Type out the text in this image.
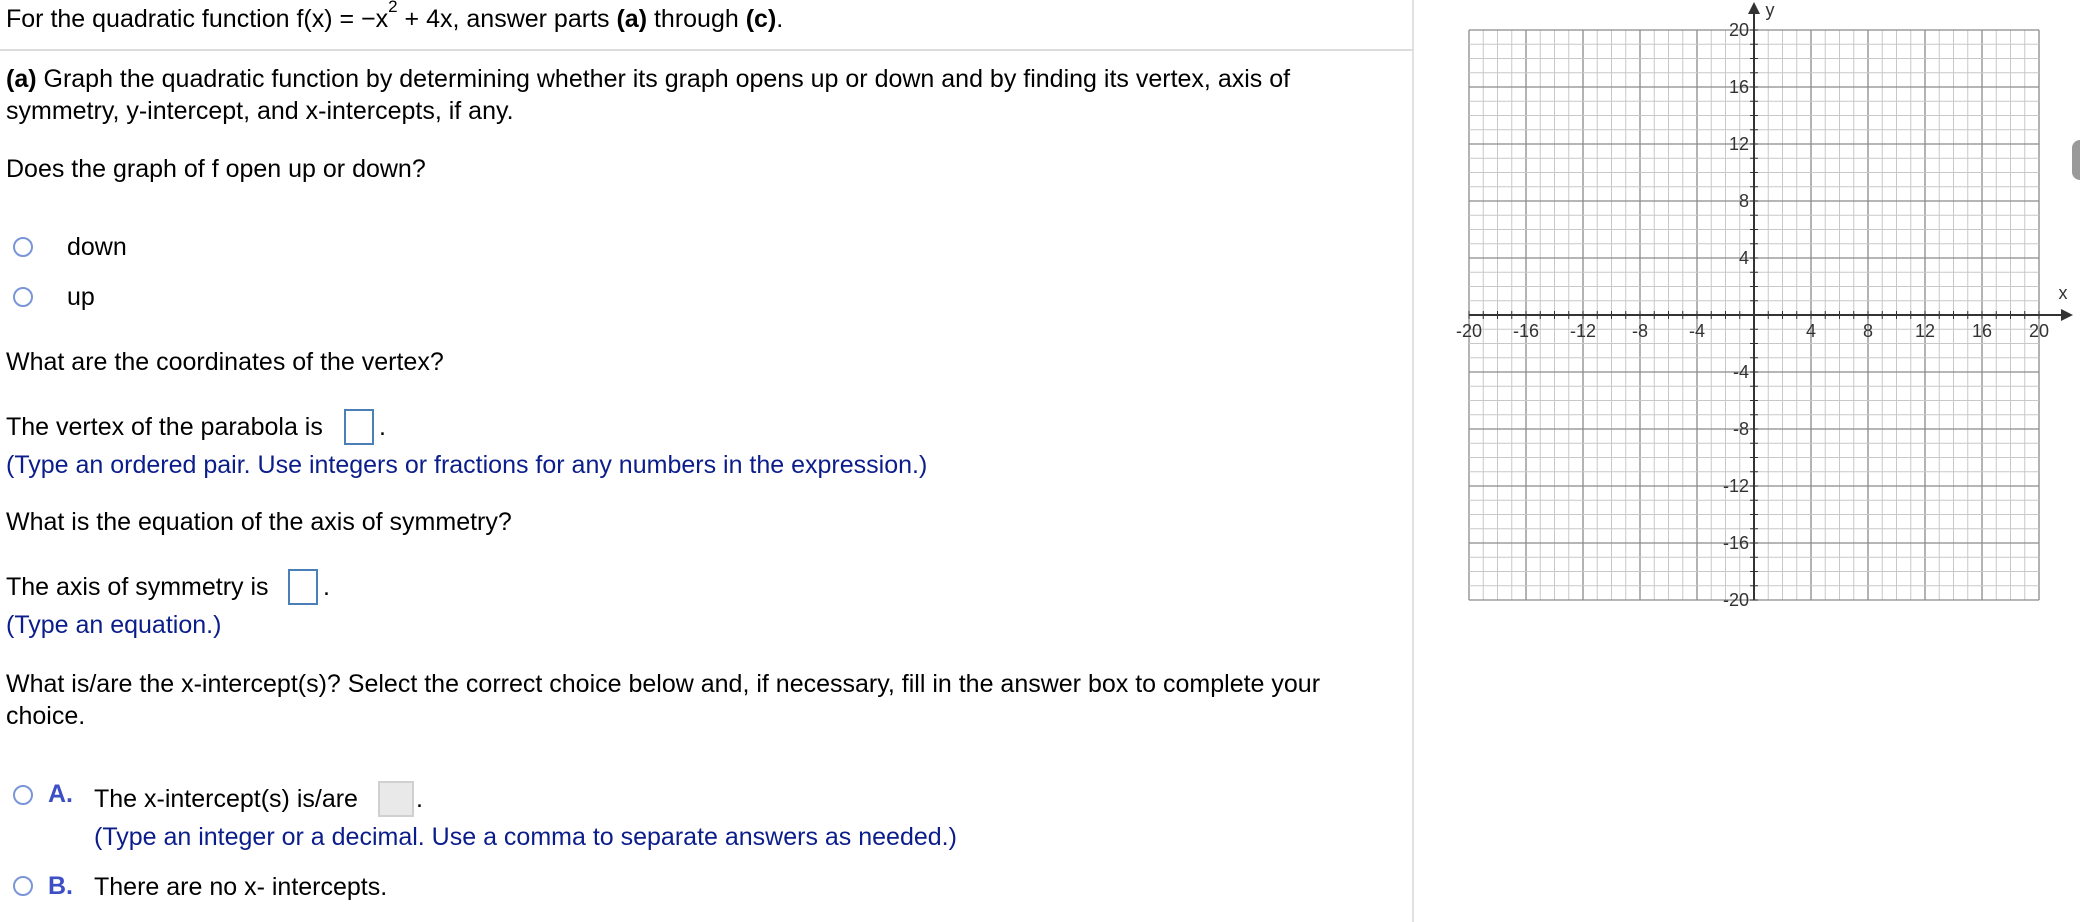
For the quadratic function $f(x) = -x^2 + 4x$, answer parts (a) through (c).
(a) Graph the quadratic function by determining whether its graph opens up or down and by finding its vertex, axis of
symmetry, y-intercept, and x-intercepts, if any.
Does the graph of f open up or down?
down
up
What are the coordinates of the vertex?
The vertex of the parabola is .
(Type an ordered pair. Use integers or fractions for any numbers in the expression.)
What is the equation of the axis of symmetry?
The axis of symmetry is .
(Type an equation.)
What is/are the x-intercept(s)? Select the correct choice below and, if necessary, fill in the answer box to complete your
choice.
A. The x-intercept(s) is/are .
(Type an integer or a decimal. Use a comma to separate answers as needed.)
B. There are no x- intercepts.
-20 -16 -12 -8 -4	4	8 12 16 20
20
16
12
8
4
-4
-8
-12
-16
-20
x
y
